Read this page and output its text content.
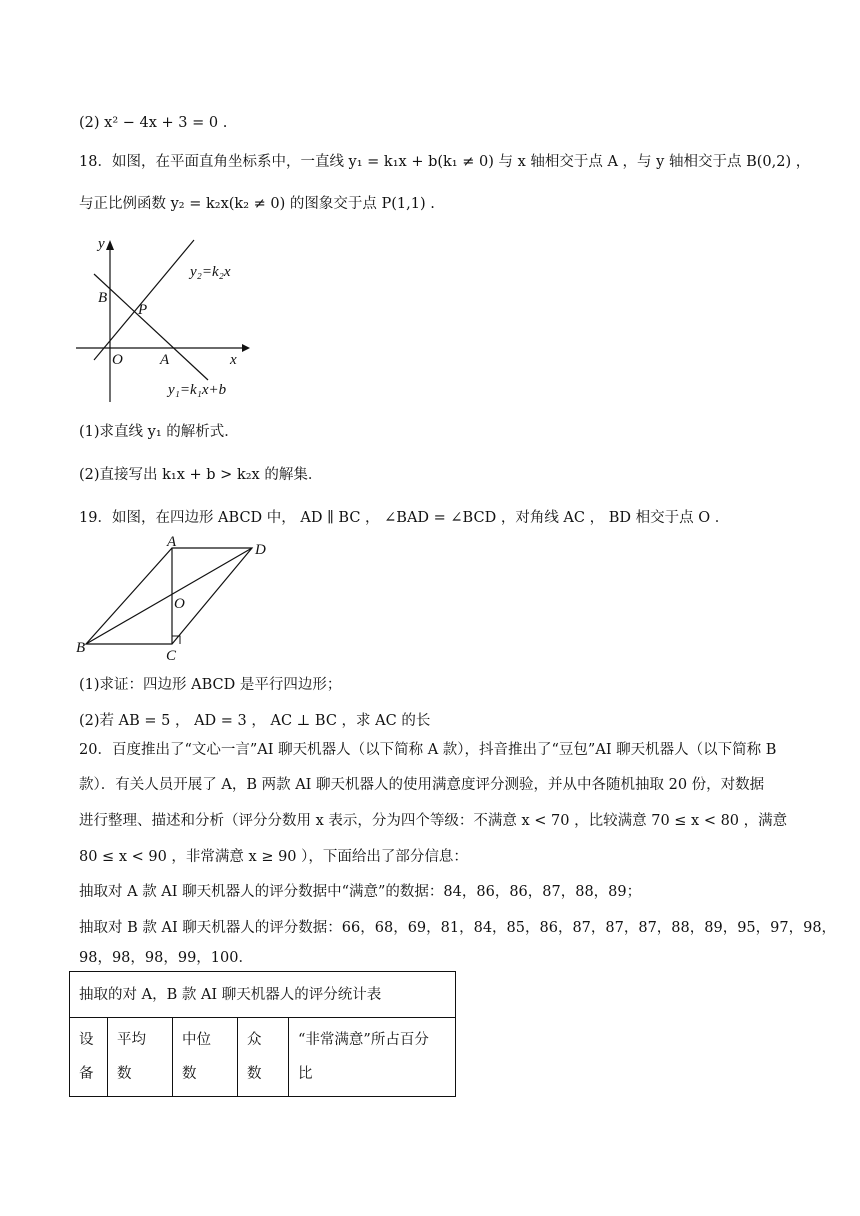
(2) x² − 4x + 3 = 0 .
18．如图，在平面直角坐标系中，一直线 y₁ = k₁x + b(k₁ ≠ 0) 与 x 轴相交于点 A ，与 y 轴相交于点 B(0,2) ，
与正比例函数 y₂ = k₂x(k₂ ≠ 0) 的图象交于点 P(1,1) .
y
x
O A
B
P
y₂=k₂x
y₁=k₁x+b
(1)求直线 y₁ 的解析式．
(2)直接写出 k₁x + b > k₂x 的解集．
19．如图，在四边形 ABCD 中， AD ∥ BC ， ∠BAD = ∠BCD ，对角线 AC ， BD 相交于点 O ．
A	D
O
B	C
(1)求证：四边形 ABCD 是平行四边形；
(2)若 AB = 5 ， AD = 3 ， AC ⊥ BC ，求 AC 的长
20．百度推出了“文心一言”AI 聊天机器人（以下简称 A 款），抖音推出了“豆包”AI 聊天机器人（以下简称 B
款）．有关人员开展了 A，B 两款 AI 聊天机器人的使用满意度评分测验，并从中各随机抽取 20 份，对数据
进行整理、描述和分析（评分分数用 x 表示，分为四个等级：不满意 x < 70 ，比较满意 70 ≤ x < 80 ，满意
80 ≤ x < 90 ，非常满意 x ≥ 90 ），下面给出了部分信息：
抽取对 A 款 AI 聊天机器人的评分数据中“满意”的数据：84，86，86，87，88，89；
抽取对 B 款 AI 聊天机器人的评分数据：66，68，69，81，84，85，86，87，87，87，88，89，95，97，98，
98，98，98，99，100．
抽取的对 A，B 款 AI 聊天机器人的评分统计表

设
备

平均
数

中位
数

众
数

“非常满意”所占百分
比
